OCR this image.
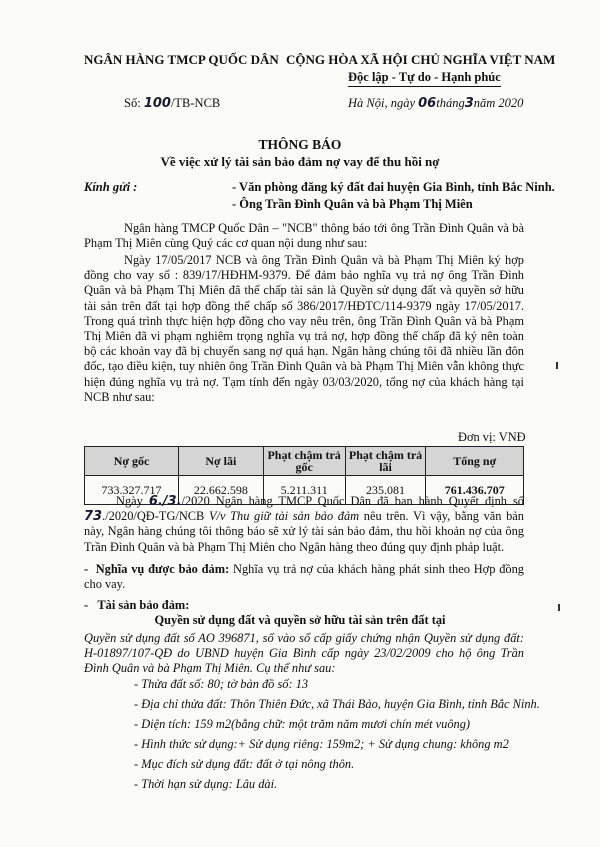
NGÂN HÀNG TMCP QUỐC DÂN CỘNG HÒA XÃ HỘI CHỦ NGHĨA VIỆT NAM
Độc lập - Tự do - Hạnh phúc
Số: 100/TB-NCB	Hà Nội, ngày 06tháng3năm 2020
THÔNG BÁO
Về việc xử lý tài sản bảo đảm nợ vay để thu hồi nợ
Kính gửi :	- Văn phòng đăng ký đất đai huyện Gia Bình, tỉnh Bắc Ninh.
- Ông Trần Đình Quân và bà Phạm Thị Miên
Ngân hàng TMCP Quốc Dân – "NCB" thông báo tới ông Trần Đình Quân và bà Phạm Thị Miên cùng Quý các cơ quan nội dung như sau:
Ngày 17/05/2017 NCB và ông Trần Đình Quân và bà Phạm Thị Miên ký hợp đồng cho vay số : 839/17/HĐHM-9379. Để đảm bảo nghĩa vụ trả nợ ông Trần Đình Quân và bà Phạm Thị Miên đã thế chấp tài sản là Quyền sử dụng đất và quyền sở hữu tài sản trên đất tại hợp đồng thế chấp số 386/2017/HĐTC/114-9379 ngày 17/05/2017. Trong quá trình thực hiện hợp đồng cho vay nêu trên, ông Trần Đình Quân và bà Phạm Thị Miên đã vi phạm nghiêm trọng nghĩa vụ trả nợ, hợp đồng thế chấp đã ký nên toàn bộ các khoản vay đã bị chuyển sang nợ quá hạn. Ngân hàng chúng tôi đã nhiều lần đôn đốc, tạo điều kiện, tuy nhiên ông Trần Đình Quân và bà Phạm Thị Miên vẫn không thực hiện đúng nghĩa vụ trả nợ. Tạm tính đến ngày 03/03/2020, tổng nợ của khách hàng tại NCB như sau:
Đơn vị: VNĐ
Nợ gốc	Nợ lãi	Phạt chậm trả gốc	Phạt chậm trả lãi	Tổng nợ
733.327.717	22.662.598	5.211.311	235.081	761.436.707
Ngày 6./3./2020 Ngân hàng TMCP Quốc Dân đã ban hành Quyết định số 73./2020/QĐ-TG/NCB V/v Thu giữ tài sản bảo đảm nêu trên. Vì vậy, bằng văn bản này, Ngân hàng chúng tôi thông báo sẽ xử lý tài sản bảo đảm, thu hồi khoản nợ của ông Trần Đình Quân và bà Phạm Thị Miên cho Ngân hàng theo đúng quy định pháp luật.
-  Nghĩa vụ được bảo đảm: Nghĩa vụ trả nợ của khách hàng phát sinh theo Hợp đồng cho vay.
-   Tài sản bảo đảm:
Quyền sử dụng đất và quyền sở hữu tài sản trên đất tại
Quyền sử dụng đất số AO 396871, số vào sổ cấp giấy chứng nhận Quyền sử dụng đất: H-01897/107-QĐ do UBND huyện Gia Bình cấp ngày 23/02/2009 cho hộ ông Trần Đình Quân và bà Phạm Thị Miên. Cụ thể như sau:
- Thửa đất số: 80; tờ bản đồ số: 13
- Địa chỉ thửa đất: Thôn Thiên Đức, xã Thái Bảo, huyện Gia Bình, tỉnh Bắc Ninh.
- Diện tích: 159 m2(bằng chữ: một trăm năm mươi chín mét vuông)
- Hình thức sử dụng:+ Sử dụng riêng: 159m2; + Sử dụng chung: không m2
- Mục đích sử dụng đất: đất ở tại nông thôn.
- Thời hạn sử dụng: Lâu dài.
